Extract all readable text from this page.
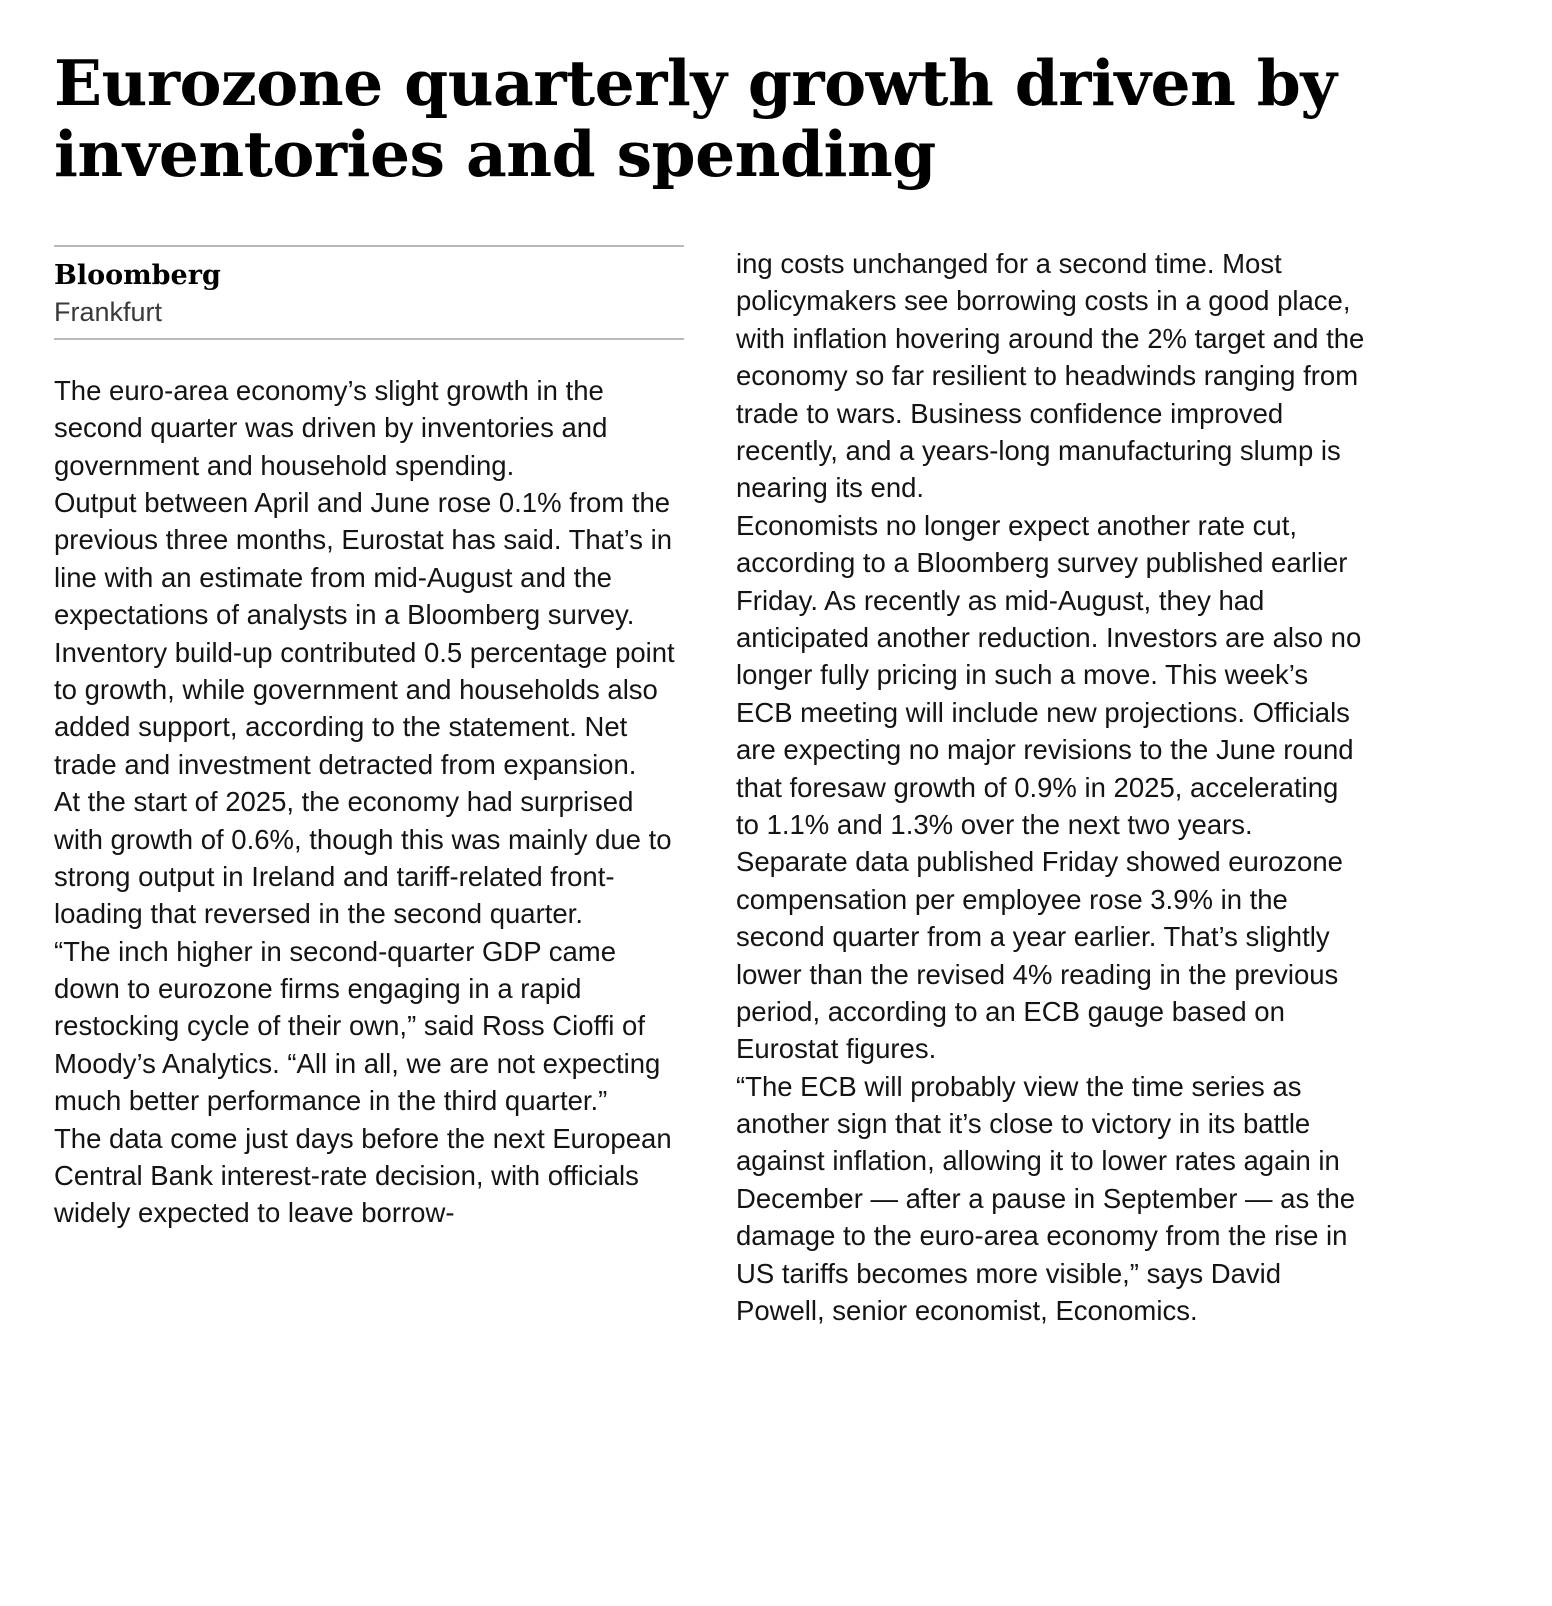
Eurozone quarterly growth driven by inventories and spending
Bloomberg
Frankfurt

The euro-area economy’s slight growth in the second quarter was driven by inventories and government and household spending.

Output between April and June rose 0.1% from the previous three months, Eurostat has said. That’s in line with an estimate from mid-August and the expectations of analysts in a Bloomberg survey.

Inventory build-up contributed 0.5 percentage point to growth, while government and households also added support, according to the statement. Net trade and investment detracted from expansion.

At the start of 2025, the economy had surprised with growth of 0.6%, though this was mainly due to strong output in Ireland and tariff-related front-loading that reversed in the second quarter.

“The inch higher in second-quarter GDP came down to eurozone firms engaging in a rapid restocking cycle of their own,” said Ross Cioffi of Moody’s Analytics. “All in all, we are not expecting much better performance in the third quarter.”

The data come just days before the next European Central Bank interest-rate decision, with officials widely expected to leave borrow-

ing costs unchanged for a second time. Most policymakers see borrowing costs in a good place, with inflation hovering around the 2% target and the economy so far resilient to headwinds ranging from trade to wars. Business confidence improved recently, and a years-long manufacturing slump is nearing its end.

Economists no longer expect another rate cut, according to a Bloomberg survey published earlier Friday. As recently as mid-August, they had anticipated another reduction. Investors are also no longer fully pricing in such a move. This week’s ECB meeting will include new projections. Officials are expecting no major revisions to the June round that foresaw growth of 0.9% in 2025, accelerating to 1.1% and 1.3% over the next two years.

Separate data published Friday showed eurozone compensation per employee rose 3.9% in the second quarter from a year earlier. That’s slightly lower than the revised 4% reading in the previous period, according to an ECB gauge based on Eurostat figures.

“The ECB will probably view the time series as another sign that it’s close to victory in its battle against inflation, allowing it to lower rates again in December — after a pause in September — as the damage to the euro-area economy from the rise in US tariffs becomes more visible,” says David Powell, senior economist, Economics.
